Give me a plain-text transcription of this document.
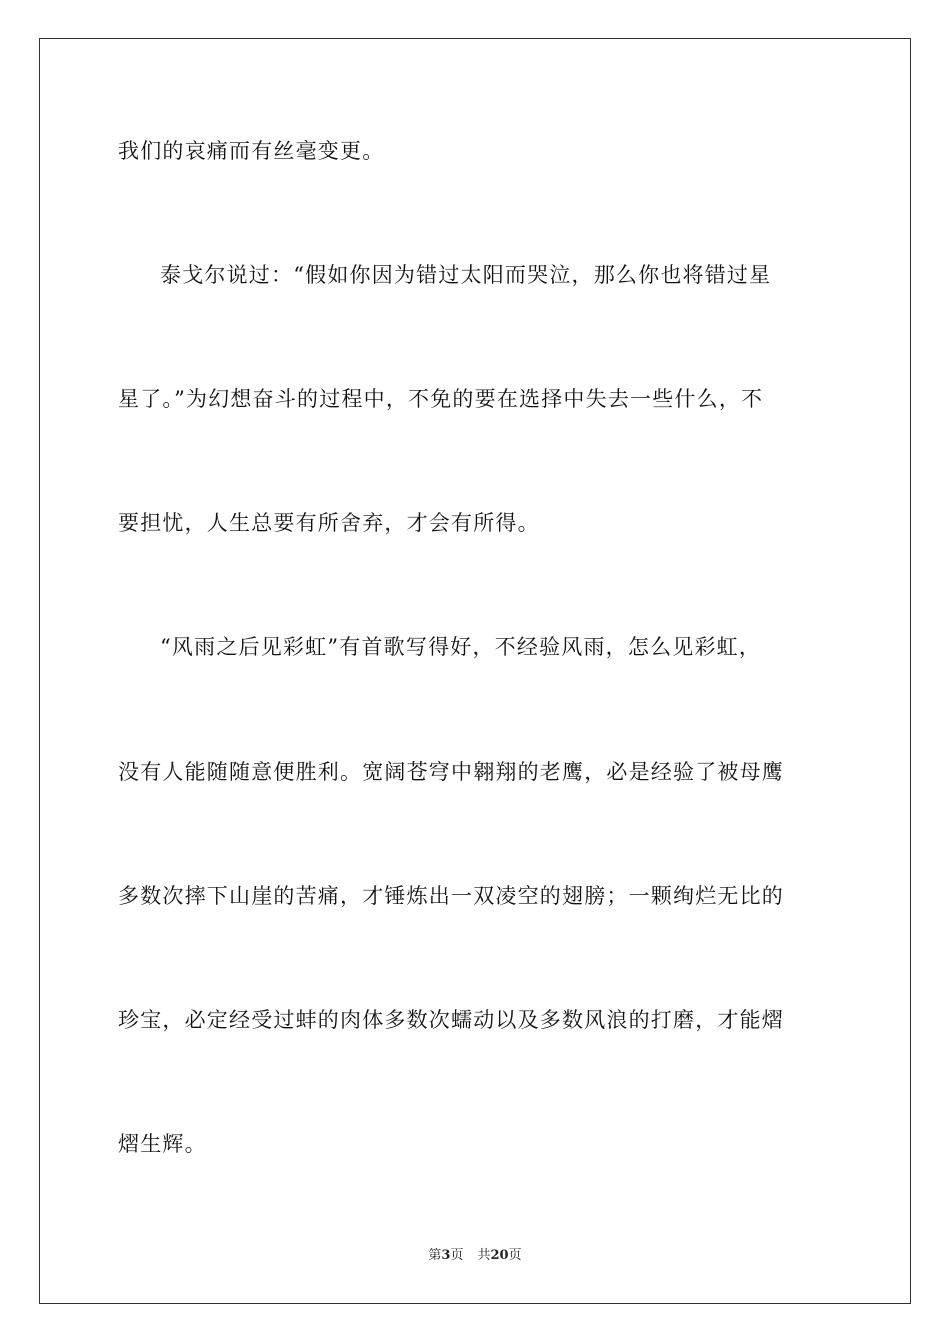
我们的哀痛而有丝毫变更。
泰戈尔说过：“假如你因为错过太阳而哭泣，那么你也将错过星
星了。”为幻想奋斗的过程中，不免的要在选择中失去一些什么，不
要担忧，人生总要有所舍弃，才会有所得。
“风雨之后见彩虹”有首歌写得好，不经验风雨，怎么见彩虹，
没有人能随随意便胜利。宽阔苍穹中翱翔的老鹰，必是经验了被母鹰
多数次摔下山崖的苦痛，才锤炼出一双凌空的翅膀；一颗绚烂无比的
珍宝，必定经受过蚌的肉体多数次蠕动以及多数风浪的打磨，才能熠
熠生辉。
第3页 共20页
